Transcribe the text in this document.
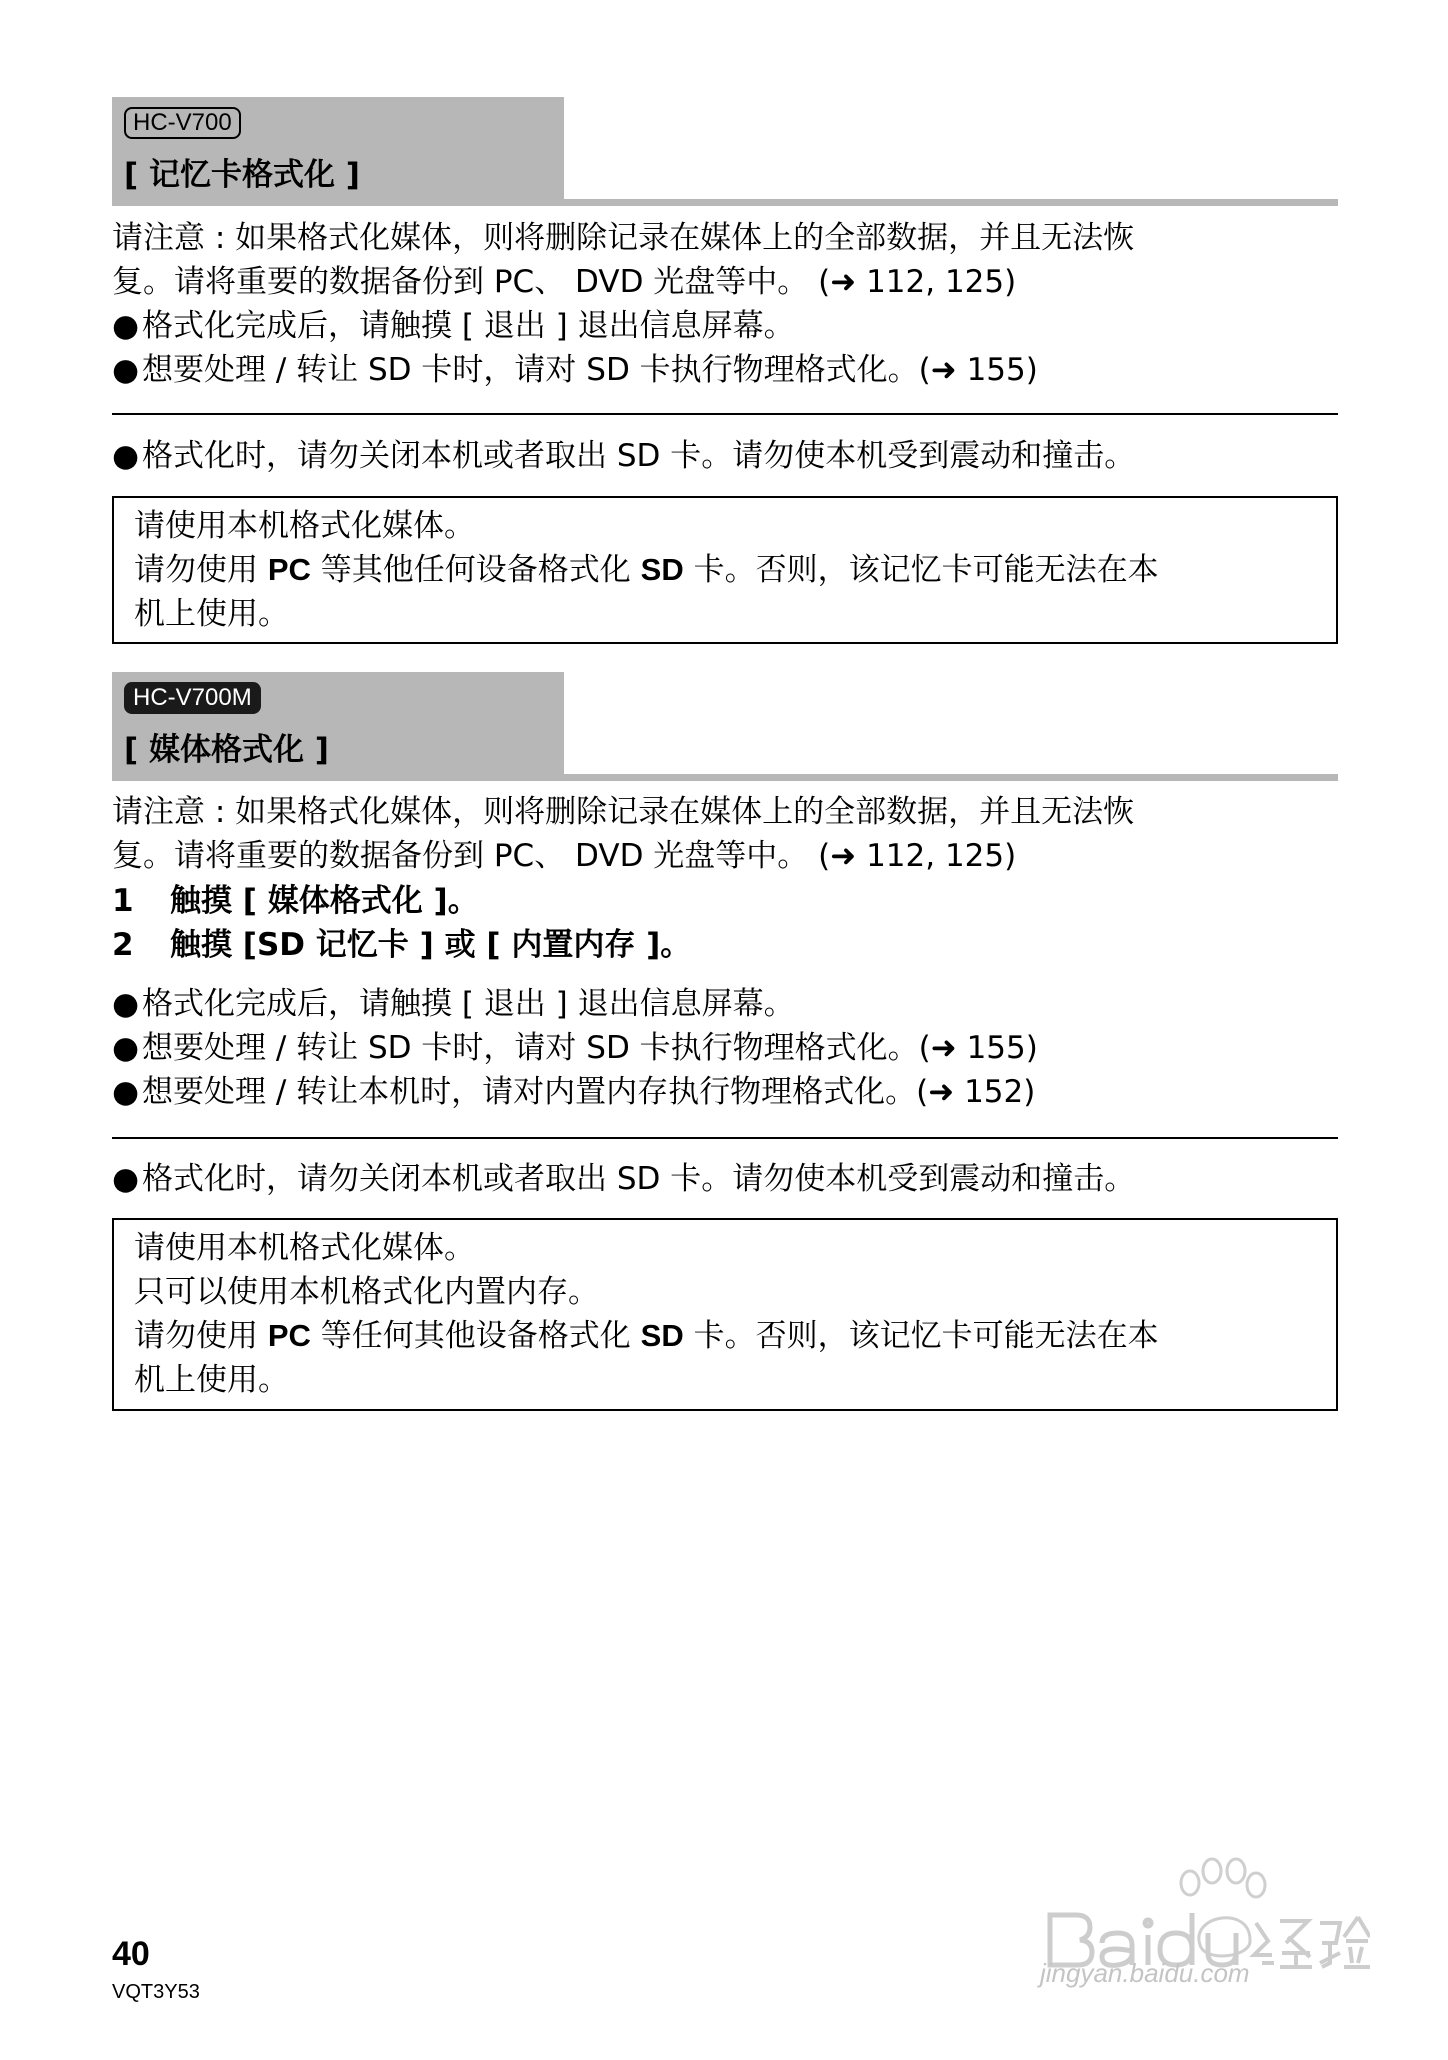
HC-V700
[ 记忆卡格式化 ]
请注意 : 如果格式化媒体，则将删除记录在媒体上的全部数据，并且无法恢
复。请将重要的数据备份到 PC、 DVD 光盘等中。 (➜ 112, 125)
●格式化完成后，请触摸 [ 退出 ] 退出信息屏幕。
●想要处理 / 转让 SD 卡时，请对 SD 卡执行物理格式化。(➜ 155)
●格式化时，请勿关闭本机或者取出 SD 卡。请勿使本机受到震动和撞击。
请使用本机格式化媒体。
请勿使用 PC 等其他任何设备格式化 SD 卡。否则，该记忆卡可能无法在本
机上使用。
HC-V700M
[ 媒体格式化 ]
请注意 : 如果格式化媒体，则将删除记录在媒体上的全部数据，并且无法恢
复。请将重要的数据备份到 PC、 DVD 光盘等中。 (➜ 112, 125)
1 触摸 [ 媒体格式化 ]。
2 触摸 [SD 记忆卡 ] 或 [ 内置内存 ]。
●格式化完成后，请触摸 [ 退出 ] 退出信息屏幕。
●想要处理 / 转让 SD 卡时，请对 SD 卡执行物理格式化。(➜ 155)
●想要处理 / 转让本机时，请对内置内存执行物理格式化。(➜ 152)
●格式化时，请勿关闭本机或者取出 SD 卡。请勿使本机受到震动和撞击。
请使用本机格式化媒体。
只可以使用本机格式化内置内存。
请勿使用 PC 等任何其他设备格式化 SD 卡。否则，该记忆卡可能无法在本
机上使用。
jingyan.baidu.com
40
VQT3Y53
